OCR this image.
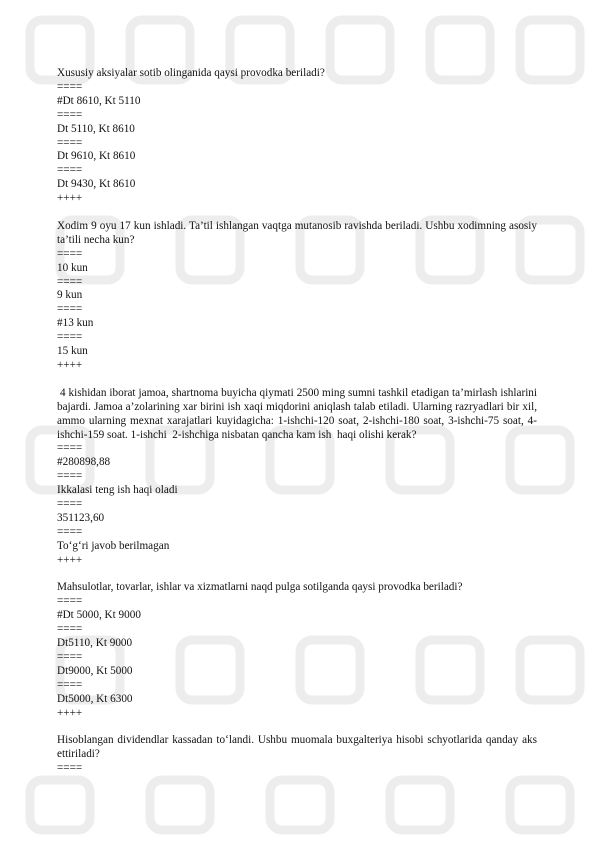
Xususiy aksiyalar sotib olinganida qaysi provodka beriladi?
====
#Dt 8610, Kt 5110
====
Dt 5110, Kt 8610
====
Dt 9610, Kt 8610
====
Dt 9430, Kt 8610
++++
Xodim 9 oyu 17 kun ishladi. Ta’til ishlangan vaqtga mutanosib ravishda beriladi. Ushbu xodimning asosiy ta’tili necha kun?
====
10 kun
====
9 kun
====
#13 kun
====
15 kun
++++
4 kishidan iborat jamoa, shartnoma buyicha qiymati 2500 ming sumni tashkil etadigan ta’mirlash ishlarini bajardi. Jamoa a’zolarining xar birini ish xaqi miqdorini aniqlash talab etiladi. Ularning razryadlari bir xil, ammo ularning mexnat xarajatlari kuyidagicha: 1-ishchi-120 soat, 2-ishchi-180 soat, 3-ishchi-75 soat, 4-ishchi-159 soat. 1-ishchi  2-ishchiga nisbatan qancha kam ish  haqi olishi kerak?
====
#280898,88
====
Ikkalasi teng ish haqi oladi
====
351123,60
====
To‘g‘ri javob berilmagan
++++
Mahsulotlar, tovarlar, ishlar va xizmatlarni naqd pulga sotilganda qaysi provodka beriladi?
====
#Dt 5000, Kt 9000
====
Dt5110, Kt 9000
====
Dt9000, Kt 5000
====
Dt5000, Kt 6300
++++
Hisoblangan dividendlar kassadan to‘landi. Ushbu muomala buxgalteriya hisobi schyotlarida qanday aks ettiriladi?
====
